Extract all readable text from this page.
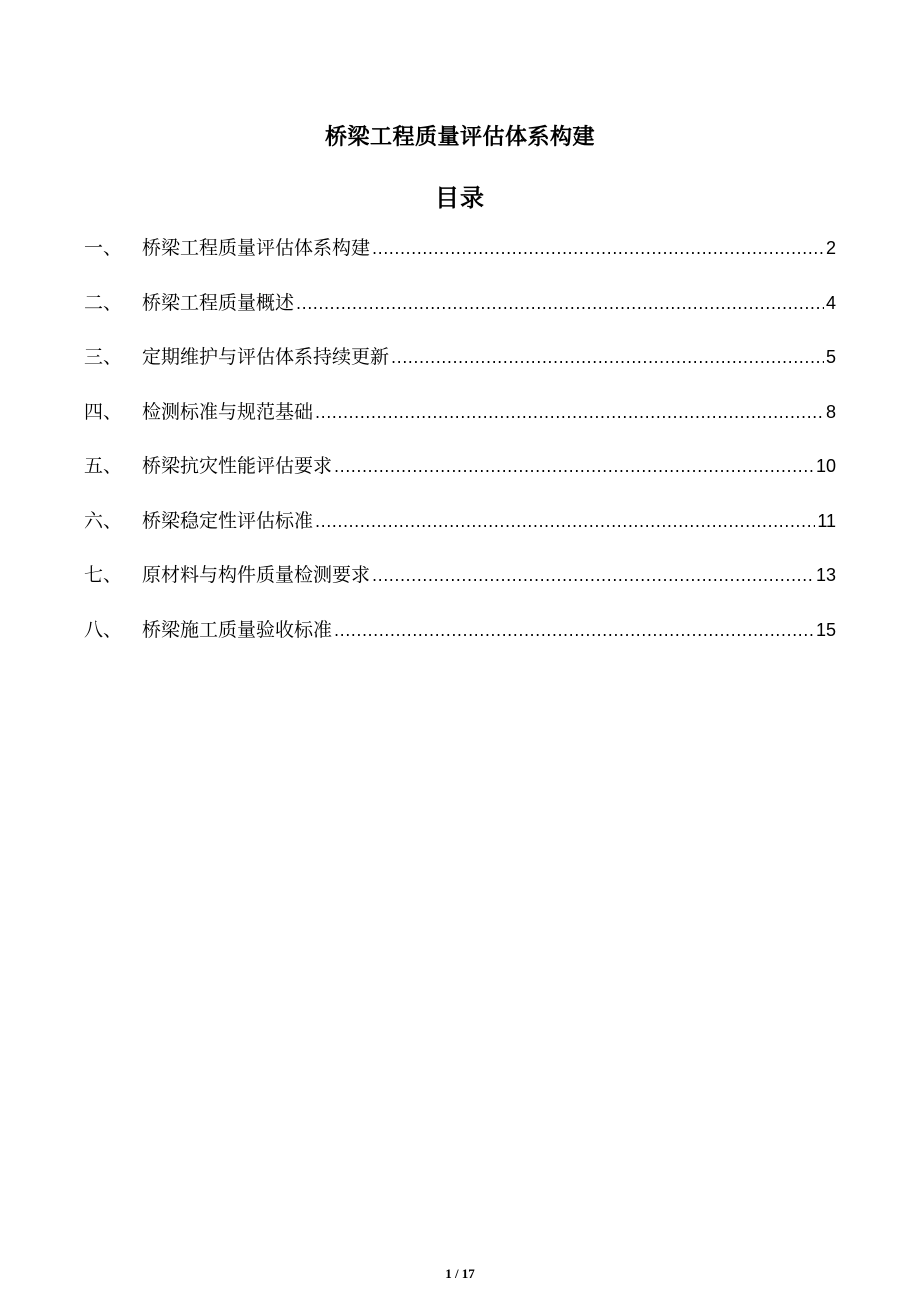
桥梁工程质量评估体系构建
目录
一、	桥梁工程质量评估体系构建 .....	2
二、	桥梁工程质量概述 .....	4
三、	定期维护与评估体系持续更新 .....	5
四、	检测标准与规范基础 .....	8
五、	桥梁抗灾性能评估要求 .....	10
六、	桥梁稳定性评估标准 .....	11
七、	原材料与构件质量检测要求 .....	13
八、	桥梁施工质量验收标准 .....	15
1 / 17
